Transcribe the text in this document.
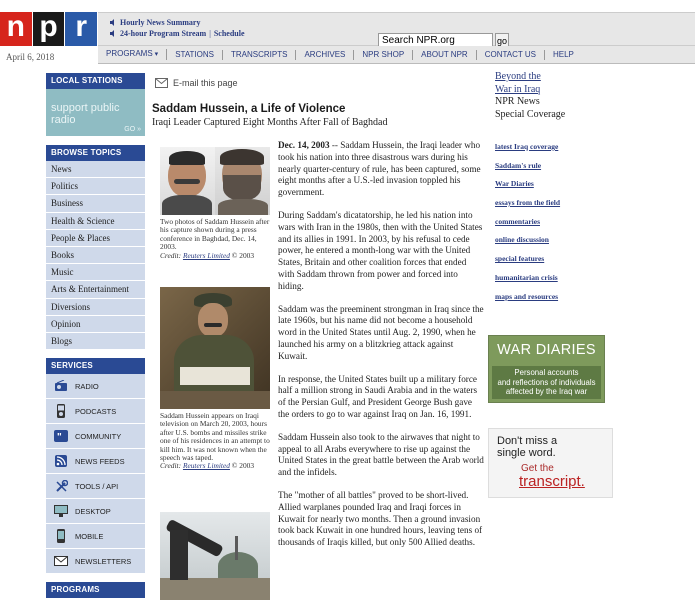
n p r	Hourly News Summary
24-hour Program Stream | Schedule
Search NPR.org	go
April 6, 2018	PROGRAMS ▾	STATIONS	TRANSCRIPTS	ARCHIVES	NPR SHOP	ABOUT NPR	CONTACT US	HELP
LOCAL STATIONS
support public radio
GO »
BROWSE TOPICS
News
Politics
Business
Health & Science
People & Places
Books
Music
Arts & Entertainment
Diversions
Opinion
Blogs
SERVICES
RADIO
PODCASTS
" COMMUNITY
NEWS FEEDS
TOOLS / API
DESKTOP
MOBILE
NEWSLETTERS
PROGRAMS
E-mail this page
Saddam Hussein, a Life of Violence
Iraqi Leader Captured Eight Months After Fall of Baghdad
Two photos of Saddam Hussein after his capture shown during a press conference in Baghdad, Dec. 14, 2003.
Credit: Reuters Limited © 2003
Saddam Hussein appears on Iraqi television on March 20, 2003, hours after U.S. bombs and missiles strike one of his residences in an attempt to kill him. It was not known when the speech was taped.
Credit: Reuters Limited © 2003

Dec. 14, 2003 -- Saddam Hussein, the Iraqi leader who took his nation into three disastrous wars during his nearly quarter-century of rule, has been captured, some eight months after a U.S.-led invasion toppled his government.

During Saddam's dicatatorship, he led his nation into wars with Iran in the 1980s, then with the United States and its allies in 1991. In 2003, by his refusal to cede power, he entered a month-long war with the United States, Britain and other coalition forces that ended with Saddam thrown from power and forced into hiding.

Saddam was the preeminent strongman in Iraq since the late 1960s, but his name did not become a household word in the United States until Aug. 2, 1990, when he launched his army on a blitzkrieg attack against Kuwait.

In response, the United States built up a military force half a million strong in Saudi Arabia and in the waters of the Persian Gulf, and President George Bush gave the orders to go to war against Iraq on Jan. 16, 1991.

Saddam Hussein also took to the airwaves that night to appeal to all Arabs everywhere to rise up against the United States in the great battle between the Arab world and the infidels.

The "mother of all battles" proved to be short-lived. Allied warplanes pounded Iraq and Iraqi forces in Kuwait for nearly two months. Then a ground invasion took back Kuwait in one hundred hours, leaving tens of thousands of Iraqis killed, but only 500 Allied deaths.

Beyond the
War in Iraq
NPR News
Special Coverage
latest Iraq coverage
Saddam's rule
War Diaries
essays from the field
commentaries
online discussion
special features
humanitarian crisis
maps and resources
WAR DIARIES
Personal accounts
and reflections of individuals
affected by the Iraq war
Don't miss a
single word.
Get the
transcript.
